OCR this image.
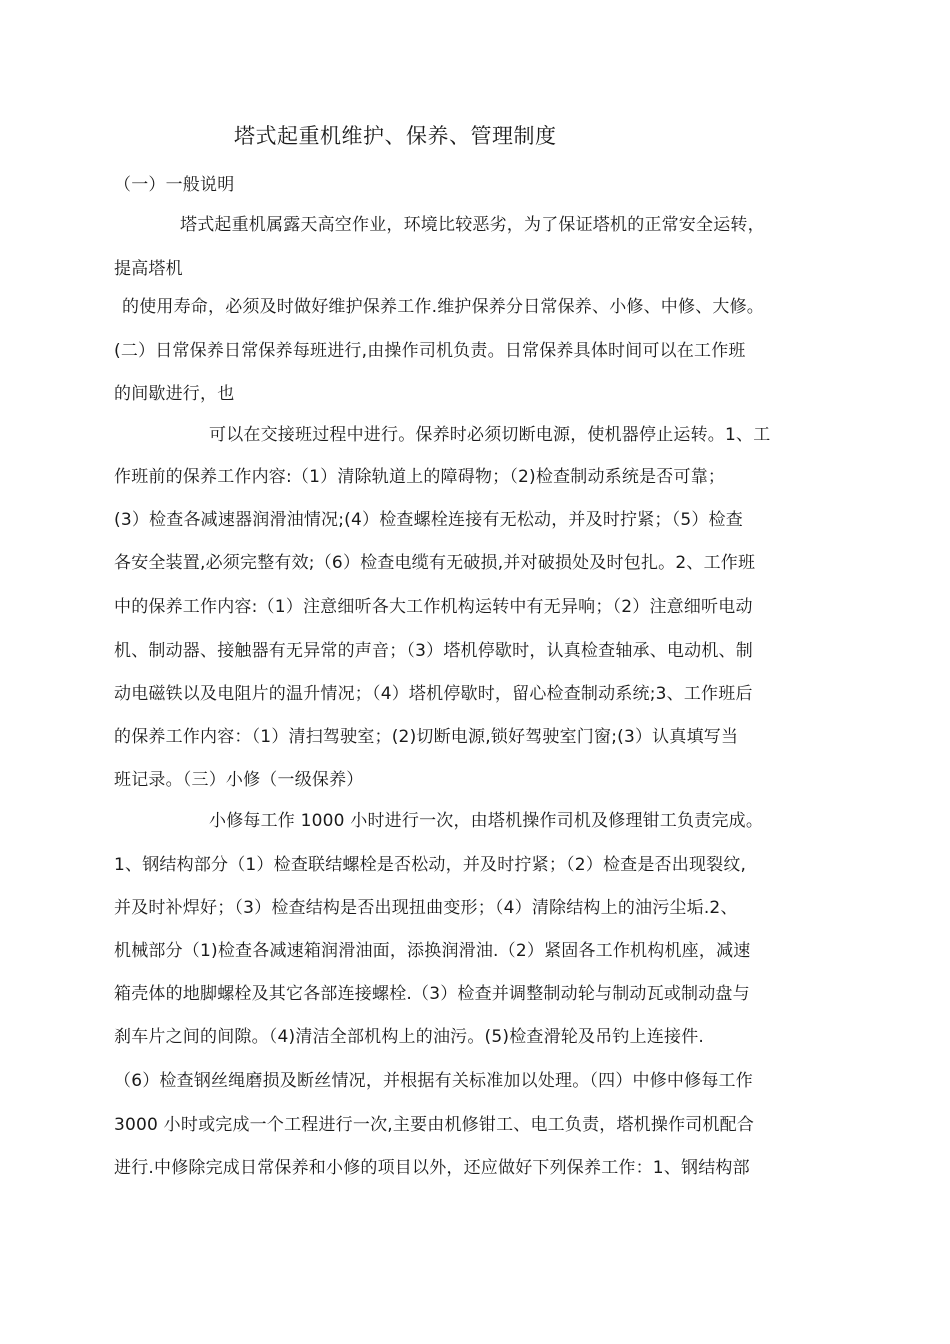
塔式起重机维护、保养、管理制度
（一）一般说明
塔式起重机属露天高空作业，环境比较恶劣，为了保证塔机的正常安全运转，
提高塔机
的使用寿命，必须及时做好维护保养工作.维护保养分日常保养、小修、中修、大修。
(二）日常保养日常保养每班进行,由操作司机负责。日常保养具体时间可以在工作班
的间歇进行，也
可以在交接班过程中进行。保养时必须切断电源，使机器停止运转。1、工
作班前的保养工作内容:（1）清除轨道上的障碍物；（2)检查制动系统是否可靠；
(3）检查各减速器润滑油情况;(4）检查螺栓连接有无松动，并及时拧紧；（5）检查
各安全装置,必须完整有效;（6）检查电缆有无破损,并对破损处及时包扎。2、工作班
中的保养工作内容:（1）注意细听各大工作机构运转中有无异响；（2）注意细听电动
机、制动器、接触器有无异常的声音；（3）塔机停歇时，认真检查轴承、电动机、制
动电磁铁以及电阻片的温升情况；（4）塔机停歇时，留心检查制动系统;3、工作班后
的保养工作内容：（1）清扫驾驶室；(2)切断电源,锁好驾驶室门窗;(3）认真填写当
班记录。（三）小修（一级保养）
小修每工作 1000 小时进行一次，由塔机操作司机及修理钳工负责完成。
1、钢结构部分（1）检查联结螺栓是否松动，并及时拧紧；（2）检查是否出现裂纹,
并及时补焊好；（3）检查结构是否出现扭曲变形；（4）清除结构上的油污尘垢.2、
机械部分（1)检查各减速箱润滑油面，添换润滑油.（2）紧固各工作机构机座，减速
箱壳体的地脚螺栓及其它各部连接螺栓.（3）检查并调整制动轮与制动瓦或制动盘与
刹车片之间的间隙。（4)清洁全部机构上的油污。(5)检查滑轮及吊钓上连接件.
（6）检查钢丝绳磨损及断丝情况，并根据有关标准加以处理。（四）中修中修每工作
3000 小时或完成一个工程进行一次,主要由机修钳工、电工负责，塔机操作司机配合
进行.中修除完成日常保养和小修的项目以外，还应做好下列保养工作：1、钢结构部
